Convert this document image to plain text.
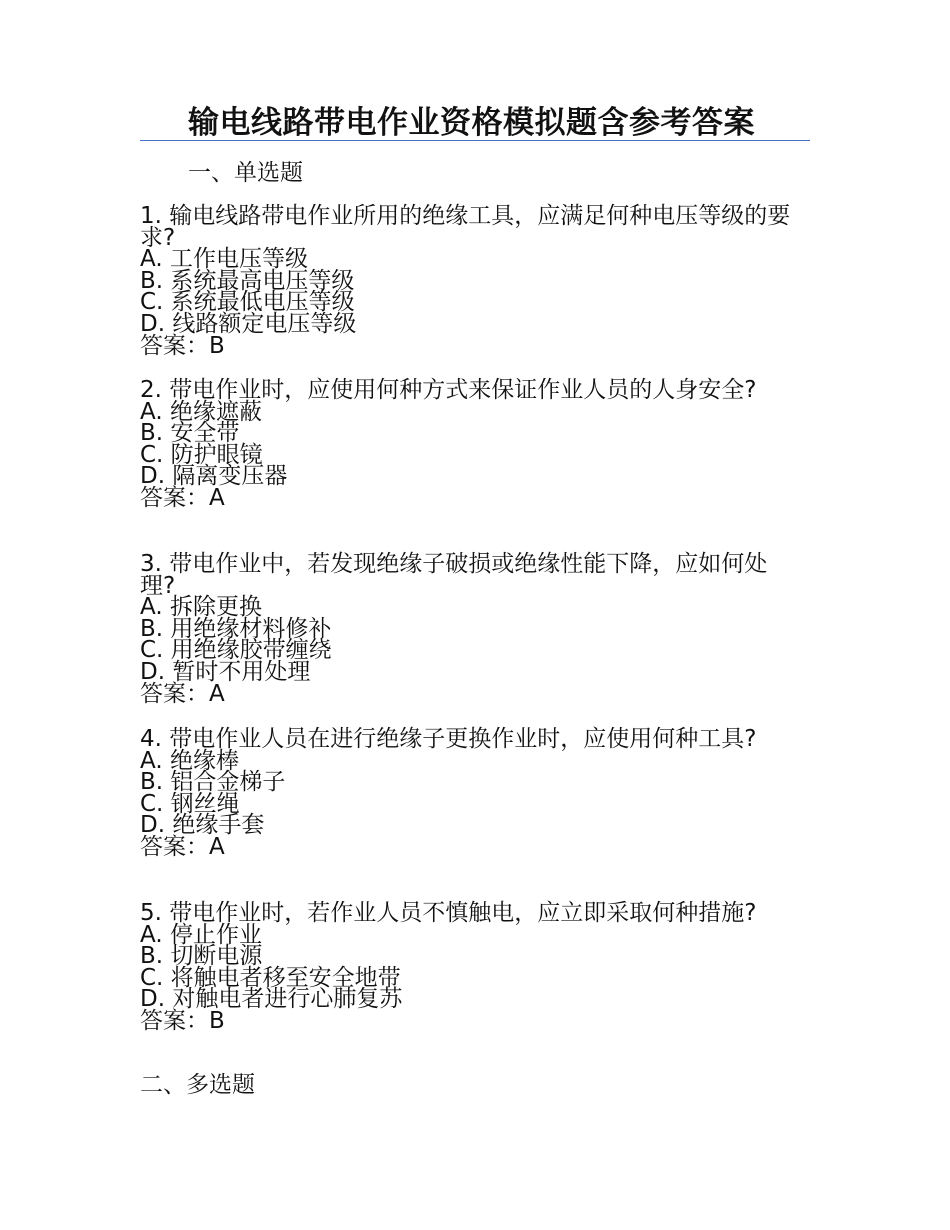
输电线路带电作业资格模拟题含参考答案
一、单选题
1. 输电线路带电作业所用的绝缘工具，应满足何种电压等级的要求?
A. 工作电压等级
B. 系统最高电压等级
C. 系统最低电压等级
D. 线路额定电压等级
答案：B
2. 带电作业时，应使用何种方式来保证作业人员的人身安全?
A. 绝缘遮蔽
B. 安全带
C. 防护眼镜
D. 隔离变压器
答案：A
3. 带电作业中，若发现绝缘子破损或绝缘性能下降，应如何处理?
A. 拆除更换
B. 用绝缘材料修补
C. 用绝缘胶带缠绕
D. 暂时不用处理
答案：A
4. 带电作业人员在进行绝缘子更换作业时，应使用何种工具?
A. 绝缘棒
B. 铝合金梯子
C. 钢丝绳
D. 绝缘手套
答案：A
5. 带电作业时，若作业人员不慎触电，应立即采取何种措施?
A. 停止作业
B. 切断电源
C. 将触电者移至安全地带
D. 对触电者进行心肺复苏
答案：B
二、多选题
